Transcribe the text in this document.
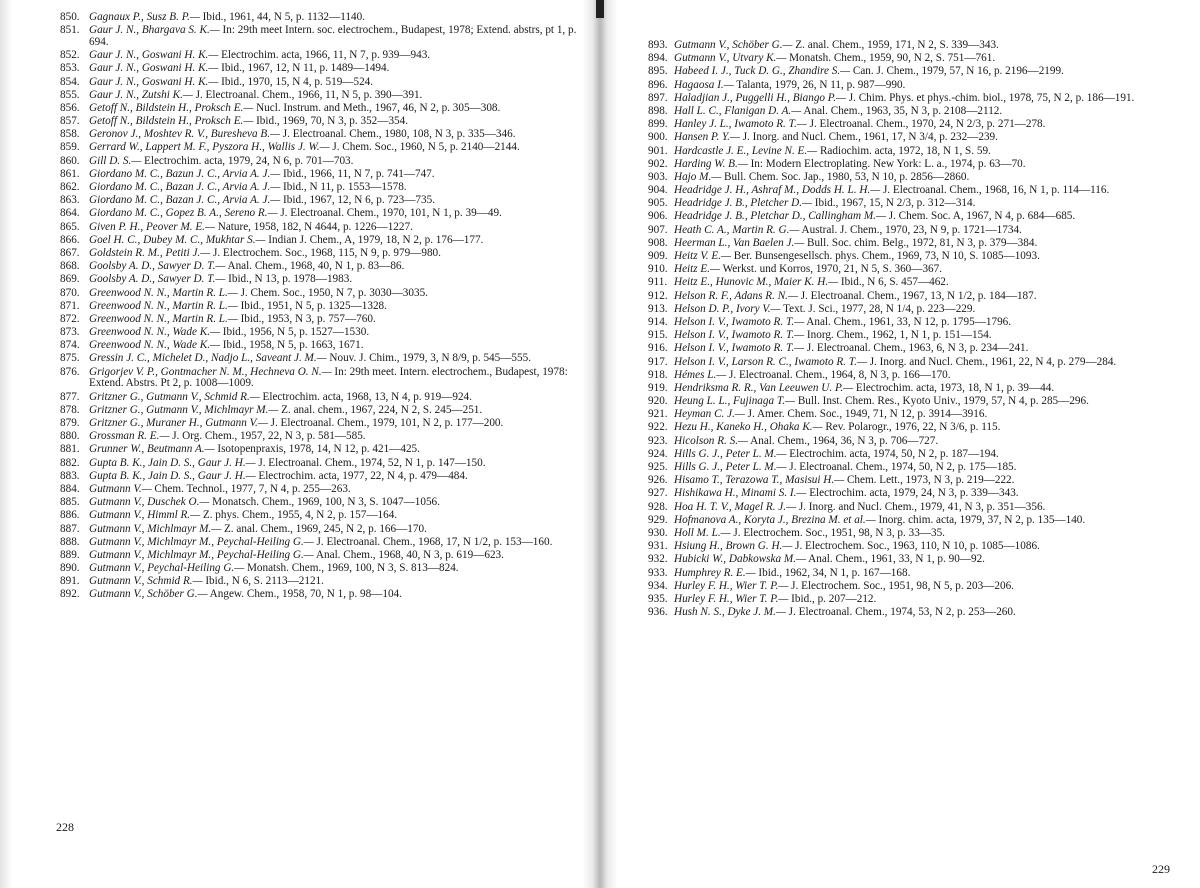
850. Gagnaux P., Susz B. P.— Ibid., 1961, 44, N 5, p. 1132—1140.
851. Gaur J. N., Bhargava S. K.— In: 29th meet Intern. soc. electrochem., Budapest, 1978; Extend. abstrs, pt 1, p. 694.
852. Gaur J. N., Goswani H. K.— Electrochim. acta, 1966, 11, N 7, p. 939—943.
853. Gaur J. N., Goswani H. K.— Ibid., 1967, 12, N 11, p. 1489—1494.
854. Gaur J. N., Goswani H. K.— Ibid., 1970, 15, N 4, p. 519—524.
855. Gaur J. N., Zutshi K.— J. Electroanal. Chem., 1966, 11, N 5, p. 390—391.
856. Getoff N., Bildstein H., Proksch E.— Nucl. Instrum. and Meth., 1967, 46, N 2, p. 305—308.
857. Getoff N., Bildstein H., Proksch E.— Ibid., 1969, 70, N 3, p. 352—354.
858. Geronov J., Moshtev R. V., Buresheva B.— J. Electroanal. Chem., 1980, 108, N 3, p. 335—346.
859. Gerrard W., Lappert M. F., Pyszora H., Wallis J. W.— J. Chem. Soc., 1960, N 5, p. 2140—2144.
860. Gill D. S.— Electrochim. acta, 1979, 24, N 6, p. 701—703.
861. Giordano M. C., Bazun J. C., Arvia A. J.— Ibid., 1966, 11, N 7, p. 741—747.
862. Giordano M. C., Bazan J. C., Arvia A. J.— Ibid., N 11, p. 1553—1578.
863. Giordano M. C., Bazan J. C., Arvia A. J.— Ibid., 1967, 12, N 6, p. 723—735.
864. Giordano M. C., Gopez B. A., Sereno R.— J. Electroanal. Chem., 1970, 101, N 1, p. 39—49.
865. Given P. H., Peover M. E.— Nature, 1958, 182, N 4644, p. 1226—1227.
866. Goel H. C., Dubey M. C., Mukhtar S.— Indian J. Chem., A, 1979, 18, N 2, p. 176—177.
867. Goldstein R. M., Petiti J.— J. Electrochem. Soc., 1968, 115, N 9, p. 979—980.
868. Goolsby A. D., Sawyer D. T.— Anal. Chem., 1968, 40, N 1, p. 83—86.
869. Goolsby A. D., Sawyer D. T.— Ibid., N 13, p. 1978—1983.
870. Greenwood N. N., Martin R. L.— J. Chem. Soc., 1950, N 7, p. 3030—3035.
871. Greenwood N. N., Martin R. L.— Ibid., 1951, N 5, p. 1325—1328.
872. Greenwood N. N., Martin R. L.— Ibid., 1953, N 3, p. 757—760.
873. Greenwood N. N., Wade K.— Ibid., 1956, N 5, p. 1527—1530.
874. Greenwood N. N., Wade K.— Ibid., 1958, N 5, p. 1663, 1671.
875. Gressin J. C., Michelet D., Nadjo L., Saveant J. M.— Nouv. J. Chim., 1979, 3, N 8/9, p. 545—555.
876. Grigorjev V. P., Gontmacher N. M., Hechneva O. N.— In: 29th meet. Intern. electrochem., Budapest, 1978: Extend. Abstrs. Pt 2, p. 1008—1009.
877. Gritzner G., Gutmann V., Schmid R.— Electrochim. acta, 1968, 13, N 4, p. 919—924.
878. Gritzner G., Gutmann V., Michlmayr M.— Z. anal. chem., 1967, 224, N 2, S. 245—251.
879. Gritzner G., Muraner H., Gutmann V.— J. Electroanal. Chem., 1979, 101, N 2, p. 177—200.
880. Grossman R. E.— J. Org. Chem., 1957, 22, N 3, p. 581—585.
881. Grunner W., Beutmann A.— Isotopenpraxis, 1978, 14, N 12, p. 421—425.
882. Gupta B. K., Jain D. S., Gaur J. H.— J. Electroanal. Chem., 1974, 52, N 1, p. 147—150.
883. Gupta B. K., Jain D. S., Gaur J. H.— Electrochim. acta, 1977, 22, N 4, p. 479—484.
884. Gutmann V.— Chem. Technol., 1977, 7, N 4, p. 255—263.
885. Gutmann V., Duschek O.— Monatsch. Chem., 1969, 100, N 3, S. 1047—1056.
886. Gutmann V., Himml R.— Z. phys. Chem., 1955, 4, N 2, p. 157—164.
887. Gutmann V., Michlmayr M.— Z. anal. Chem., 1969, 245, N 2, p. 166—170.
888. Gutmann V., Michlmayr M., Peychal-Heiling G.— J. Electroanal. Chem., 1968, 17, N 1/2, p. 153—160.
889. Gutmann V., Michlmayr M., Peychal-Heiling G.— Anal. Chem., 1968, 40, N 3, p. 619—623.
890. Gutmann V., Peychal-Heiling G.— Monatsh. Chem., 1969, 100, N 3, S. 813—824.
891. Gutmann V., Schmid R.— Ibid., N 6, S. 2113—2121.
892. Gutmann V., Schöber G.— Angew. Chem., 1958, 70, N 1, p. 98—104.
228
893. Gutmann V., Schöber G.— Z. anal. Chem., 1959, 171, N 2, S. 339—343.
894. Gutmann V., Utvary K.— Monatsh. Chem., 1959, 90, N 2, S. 751—761.
895. Habeed I. J., Tuck D. G., Zhandire S.— Can. J. Chem., 1979, 57, N 16, p. 2196—2199.
896. Hagaosa I.— Talanta, 1979, 26, N 11, p. 987—990.
897. Haladjian J., Puggelli H., Biango P.— J. Chim. Phys. et phys.-chim. biol., 1978, 75, N 2, p. 186—191.
898. Hall L. C., Flanigan D. A.— Anal. Chem., 1963, 35, N 3, p. 2108—2112.
899. Hanley J. L., Iwamoto R. T.— J. Electroanal. Chem., 1970, 24, N 2/3, p. 271—278.
900. Hansen P. Y.— J. Inorg. and Nucl. Chem., 1961, 17, N 3/4, p. 232—239.
901. Hardcastle J. E., Levine N. E.— Radiochim. acta, 1972, 18, N 1, S. 59.
902. Harding W. B.— In: Modern Electroplating. New York: L. a., 1974, p. 63—70.
903. Hajo M.— Bull. Chem. Soc. Jap., 1980, 53, N 10, p. 2856—2860.
904. Headridge J. H., Ashraf M., Dodds H. L. H.— J. Electroanal. Chem., 1968, 16, N 1, p. 114—116.
905. Headridge J. B., Pletcher D.— Ibid., 1967, 15, N 2/3, p. 312—314.
906. Headridge J. B., Pletchar D., Callingham M.— J. Chem. Soc. A, 1967, N 4, p. 684—685.
907. Heath C. A., Martin R. G.— Austral. J. Chem., 1970, 23, N 9, p. 1721—1734.
908. Heerman L., Van Baelen J.— Bull. Soc. chim. Belg., 1972, 81, N 3, p. 379—384.
909. Heitz V. E.— Ber. Bunsengesellsch. phys. Chem., 1969, 73, N 10, S. 1085—1093.
910. Heitz E.— Werkst. und Korros, 1970, 21, N 5, S. 360—367.
911. Heitz E., Hunovic M., Maier K. H.— Ibid., N 6, S. 457—462.
912. Helson R. F., Adans R. N.— J. Electroanal. Chem., 1967, 13, N 1/2, p. 184—187.
913. Helson D. P., Ivory V.— Text. J. Sci., 1977, 28, N 1/4, p. 223—229.
914. Helson I. V., Iwamoto R. T.— Anal. Chem., 1961, 33, N 12, p. 1795—1796.
915. Helson I. V., Iwamoto R. T.— Inorg. Chem., 1962, 1, N 1, p. 151—154.
916. Helson I. V., Iwamoto R. T.— J. Electroanal. Chem., 1963, 6, N 3, p. 234—241.
917. Helson I. V., Larson R. C., Iwamoto R. T.— J. Inorg. and Nucl. Chem., 1961, 22, N 4, p. 279—284.
918. Hémes L.— J. Electroanal. Chem., 1964, 8, N 3, p. 166—170.
919. Hendriksma R. R., Van Leeuwen U. P.— Electrochim. acta, 1973, 18, N 1, p. 39—44.
920. Heung L. L., Fujinaga T.— Bull. Inst. Chem. Res., Kyoto Univ., 1979, 57, N 4, p. 285—296.
921. Heyman C. J.— J. Amer. Chem. Soc., 1949, 71, N 12, p. 3914—3916.
922. Hezu H., Kaneko H., Ohaka K.— Rev. Polarogr., 1976, 22, N 3/6, p. 115.
923. Hicolson R. S.— Anal. Chem., 1964, 36, N 3, p. 706—727.
924. Hills G. J., Peter L. M.— Electrochim. acta, 1974, 50, N 2, p. 187—194.
925. Hills G. J., Peter L. M.— J. Electroanal. Chem., 1974, 50, N 2, p. 175—185.
926. Hisamo T., Terazowa T., Masisui H.— Chem. Lett., 1973, N 3, p. 219—222.
927. Hishikawa H., Minami S. I.— Electrochim. acta, 1979, 24, N 3, p. 339—343.
928. Hoa H. T. V., Magel R. J.— J. Inorg. and Nucl. Chem., 1979, 41, N 3, p. 351—356.
929. Hofmanova A., Koryta J., Brezina M. et al.— Inorg. chim. acta, 1979, 37, N 2, p. 135—140.
930. Holl M. L.— J. Electrochem. Soc., 1951, 98, N 3, p. 33—35.
931. Hsiung H., Brown G. H.— J. Electrochem. Soc., 1963, 110, N 10, p. 1085—1086.
932. Hubicki W., Dabkowska M.— Anal. Chem., 1961, 33, N 1, p. 90—92.
933. Humphrey R. E.— Ibid., 1962, 34, N 1, p. 167—168.
934. Hurley F. H., Wier T. P.— J. Electrochem. Soc., 1951, 98, N 5, p. 203—206.
935. Hurley F. H., Wier T. P.— Ibid., p. 207—212.
936. Hush N. S., Dyke J. M.— J. Electroanal. Chem., 1974, 53, N 2, p. 253—260.
229
